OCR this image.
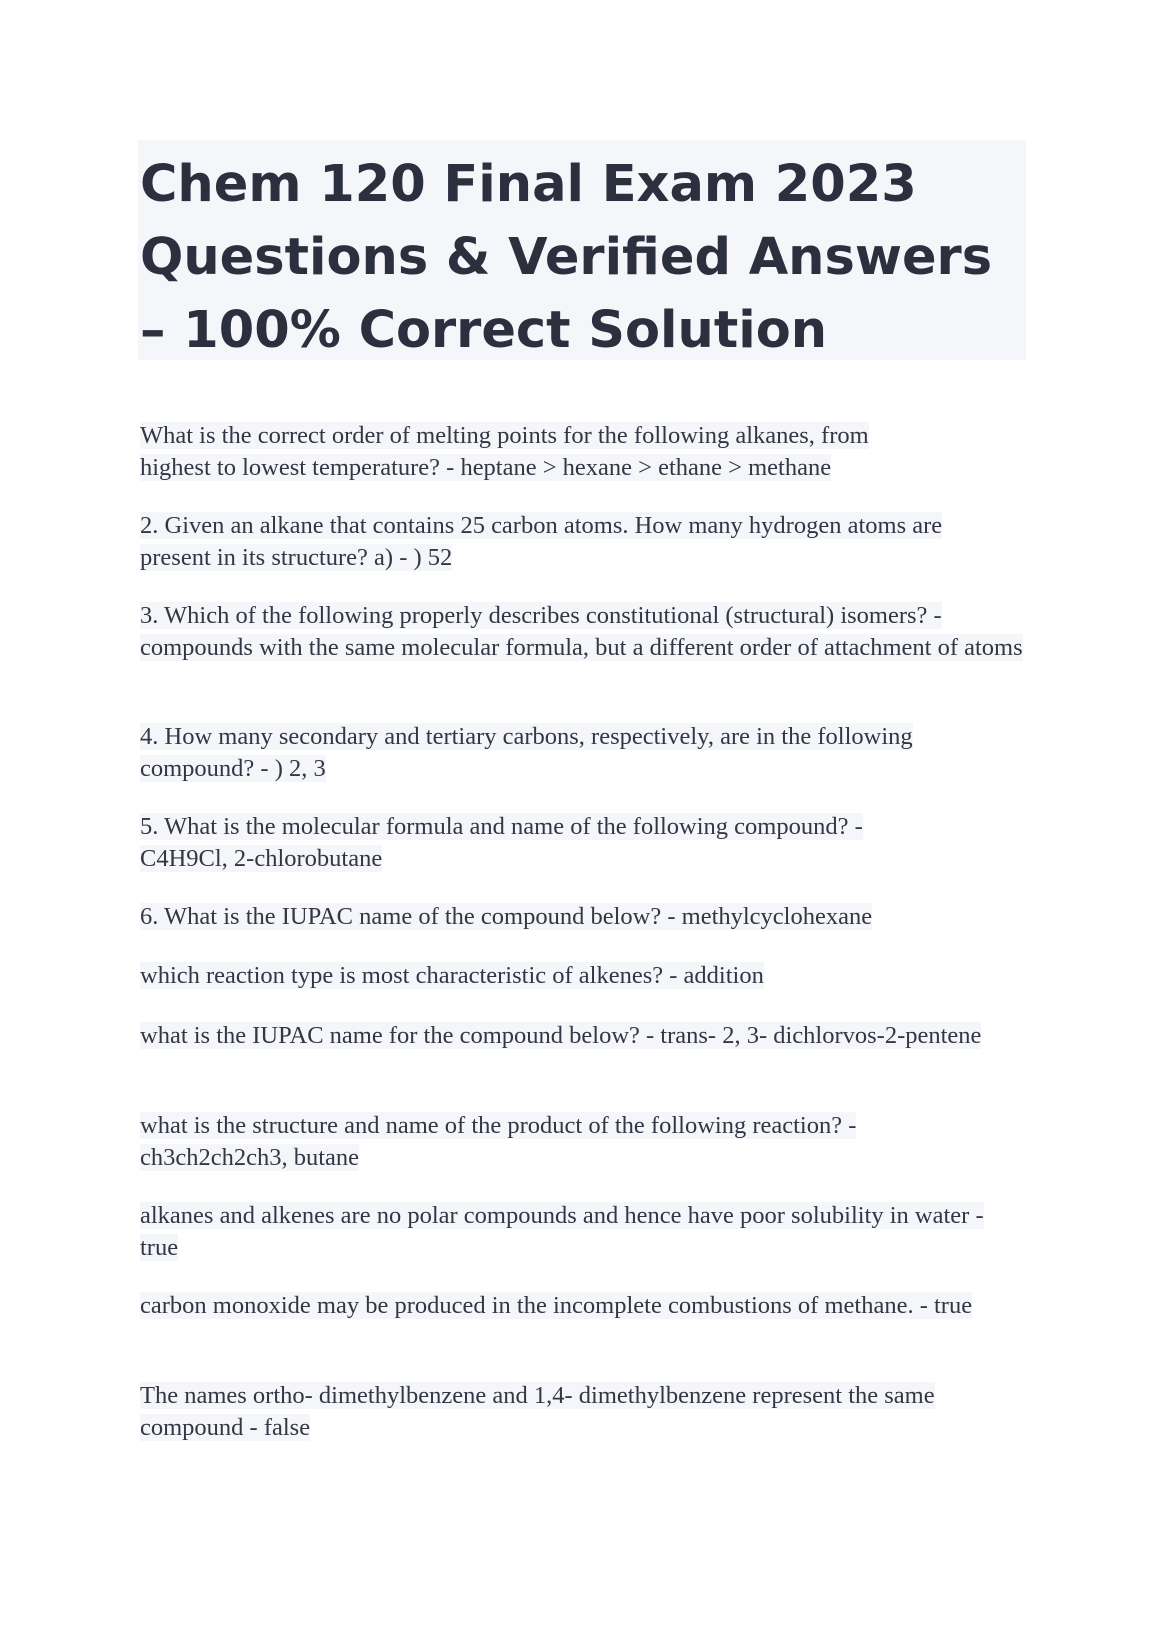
Chem 120 Final Exam 2023 Questions & Verified Answers – 100% Correct Solution

What is the correct order of melting points for the following alkanes, from highest to lowest temperature? - heptane > hexane > ethane > methane

2. Given an alkane that contains 25 carbon atoms. How many hydrogen atoms are present in its structure? a) - ) 52

3. Which of the following properly describes constitutional (structural) isomers? - compounds with the same molecular formula, but a different order of attachment of atoms

4. How many secondary and tertiary carbons, respectively, are in the following compound? - ) 2, 3

5. What is the molecular formula and name of the following compound? - C4H9Cl, 2-chlorobutane

6. What is the IUPAC name of the compound below? - methylcyclohexane

which reaction type is most characteristic of alkenes? - addition

what is the IUPAC name for the compound below? - trans- 2, 3- dichlorvos-2-pentene

what is the structure and name of the product of the following reaction? - ch3ch2ch2ch3, butane

alkanes and alkenes are no polar compounds and hence have poor solubility in water - true

carbon monoxide may be produced in the incomplete combustions of methane. - true

The names ortho- dimethylbenzene and 1,4- dimethylbenzene represent the same compound - false
